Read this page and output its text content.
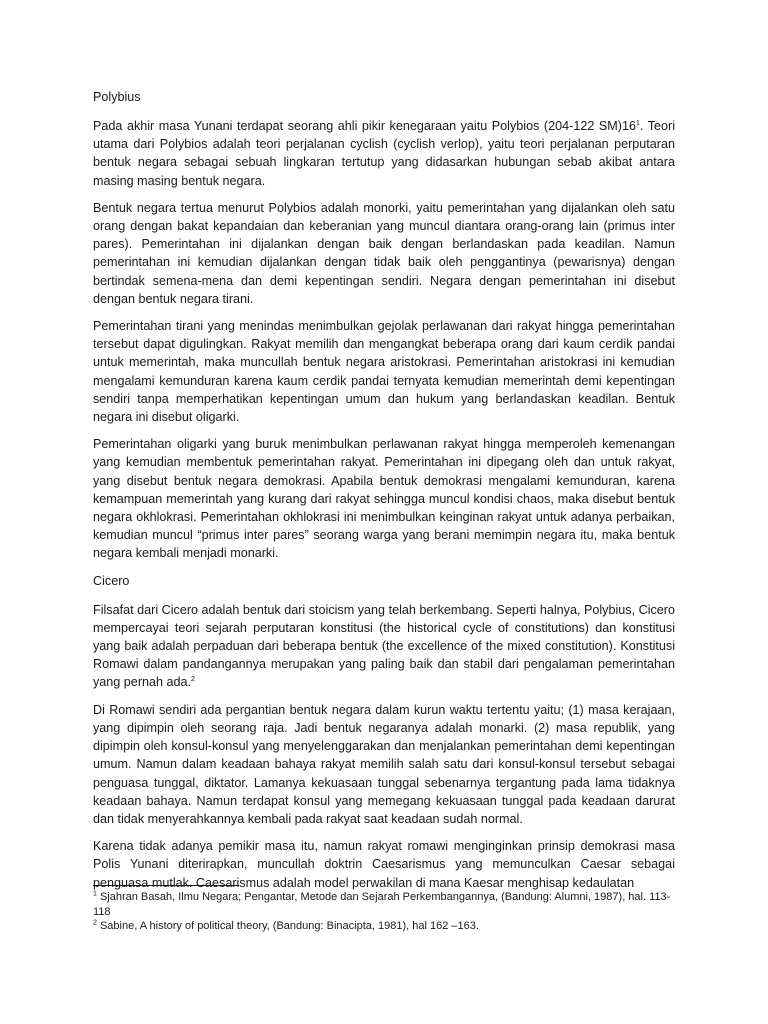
Polybius

Pada akhir masa Yunani terdapat seorang ahli pikir kenegaraan yaitu Polybios (204-122 $SM)16^1$. Teori utama dari Polybios adalah teori perjalanan cyclish (cyclish verlop), yaitu teori perjalanan perputaran bentuk negara sebagai sebuah lingkaran tertutup yang didasarkan hubungan sebab akibat antara masing masing bentuk negara.

Bentuk negara tertua menurut Polybios adalah monorki, yaitu pemerintahan yang dijalankan oleh satu orang dengan bakat kepandaian dan keberanian yang muncul diantara orang-orang lain (primus inter pares). Pemerintahan ini dijalankan dengan baik dengan berlandaskan pada keadilan. Namun pemerintahan ini kemudian dijalankan dengan tidak baik oleh penggantinya (pewarisnya) dengan bertindak semena-mena dan demi kepentingan sendiri. Negara dengan pemerintahan ini disebut dengan bentuk negara tirani.

Pemerintahan tirani yang menindas menimbulkan gejolak perlawanan dari rakyat hingga pemerintahan tersebut dapat digulingkan. Rakyat memilih dan mengangkat beberapa orang dari kaum cerdik pandai untuk memerintah, maka muncullah bentuk negara aristokrasi. Pemerintahan aristokrasi ini kemudian mengalami kemunduran karena kaum cerdik pandai ternyata kemudian memerintah demi kepentingan sendiri tanpa memperhatikan kepentingan umum dan hukum yang berlandaskan keadilan. Bentuk negara ini disebut oligarki.

Pemerintahan oligarki yang buruk menimbulkan perlawanan rakyat hingga memperoleh kemenangan yang kemudian membentuk pemerintahan rakyat. Pemerintahan ini dipegang oleh dan untuk rakyat, yang disebut bentuk negara demokrasi. Apabila bentuk demokrasi mengalami kemunduran, karena kemampuan memerintah yang kurang dari rakyat sehingga muncul kondisi chaos, maka disebut bentuk negara okhlokrasi. Pemerintahan okhlokrasi ini menimbulkan keinginan rakyat untuk adanya perbaikan, kemudian muncul “primus inter pares” seorang warga yang berani memimpin negara itu, maka bentuk negara kembali menjadi monarki.

Cicero

Filsafat dari Cicero adalah bentuk dari stoicism yang telah berkembang. Seperti halnya, Polybius, Cicero mempercayai teori sejarah perputaran konstitusi (the historical cycle of constitutions) dan konstitusi yang baik adalah perpaduan dari beberapa bentuk (the excellence of the mixed constitution). Konstitusi Romawi dalam pandangannya merupakan yang paling baik dan stabil dari pengalaman pemerintahan yang pernah ada.$^2$

Di Romawi sendiri ada pergantian bentuk negara dalam kurun waktu tertentu yaitu; (1) masa kerajaan, yang dipimpin oleh seorang raja. Jadi bentuk negaranya adalah monarki. (2) masa republik, yang dipimpin oleh konsul-konsul yang menyelenggarakan dan menjalankan pemerintahan demi kepentingan umum. Namun dalam keadaan bahaya rakyat memilih salah satu dari konsul-konsul tersebut sebagai penguasa tunggal, diktator. Lamanya kekuasaan tunggal sebenarnya tergantung pada lama tidaknya keadaan bahaya. Namun terdapat konsul yang memegang kekuasaan tunggal pada keadaan darurat dan tidak menyerahkannya kembali pada rakyat saat keadaan sudah normal.

Karena tidak adanya pemikir masa itu, namun rakyat romawi menginginkan prinsip demokrasi masa Polis Yunani diterirapkan, muncullah doktrin Caesarismus yang memunculkan Caesar sebagai penguasa mutlak. Caesarismus adalah model perwakilan di mana Kaesar menghisap kedaulatan

$^1$ Sjahran Basah, Ilmu Negara; Pengantar, Metode dan Sejarah Perkembangannya, (Bandung: Alumni, 1987), hal. 113-118

$^2$ Sabine, A history of political theory, (Bandung: Binacipta, 1981), hal 162 –163.
